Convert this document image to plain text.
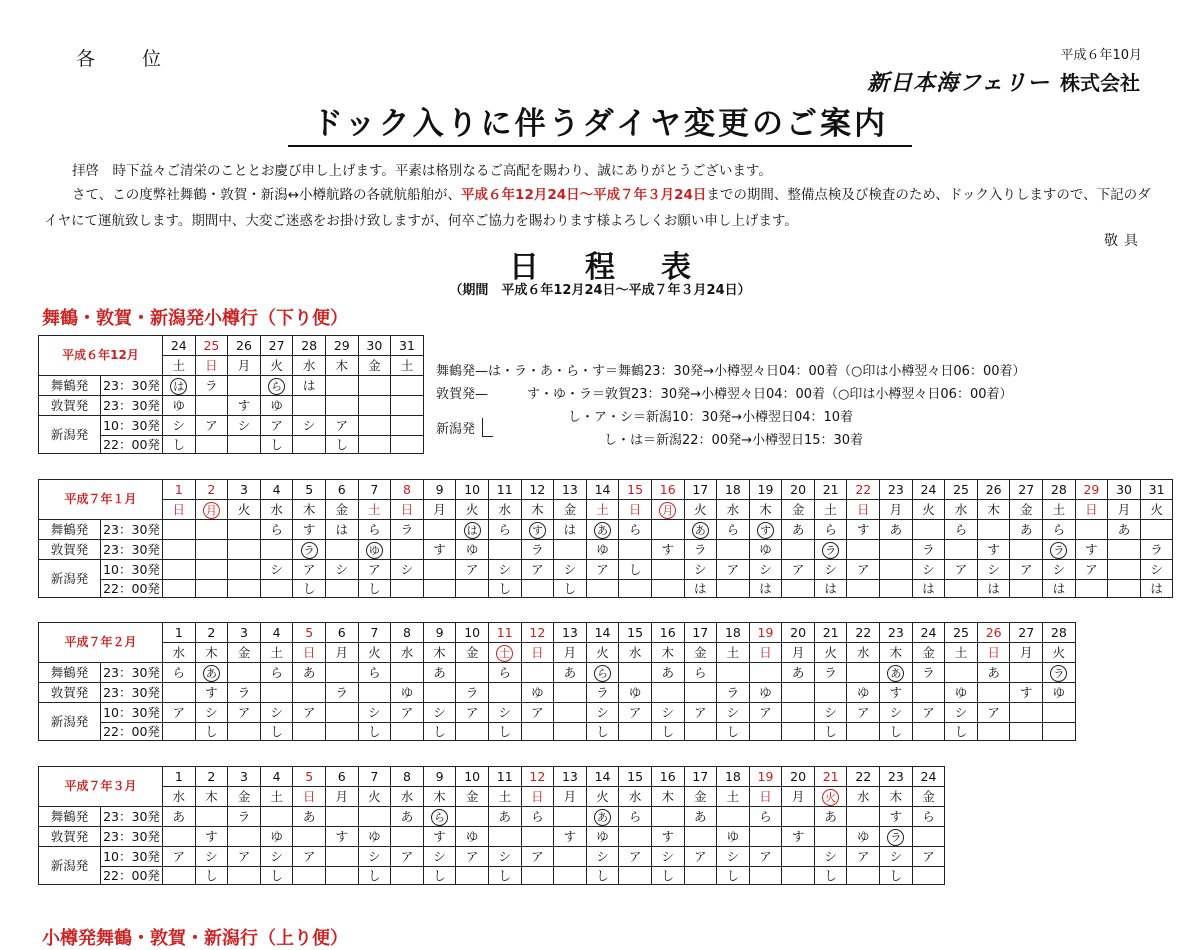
各　位	平成６年10月
新日本海フェリー 株式会社
ドック入りに伴うダイヤ変更のご案内
拝啓　時下益々ご清栄のこととお慶び申し上げます。平素は格別なるご高配を賜わり、誠にありがとうございます。
さて、この度弊社舞鶴・敦賀・新潟↔小樽航路の各就航船舶が、平成６年12月24日〜平成７年３月24日までの期間、整備点検及び検査のため、ドック入りしますので、下記のダイヤにて運航致します。期間中、大変ご迷惑をお掛け致しますが、何卒ご協力を賜わります様よろしくお願い申し上げます。
敬具
日程表
（期間　平成６年12月24日〜平成７年３月24日）
舞鶴・敦賀・新潟発小樽行（下り便）
舞鶴発—は・ラ・あ・ら・す＝舞鶴23：30発→小樽翌々日04：00着（○印は小樽翌々日06：00着）
敦賀発—　　　す・ゆ・ラ＝敦賀23：30発→小樽翌々日04：00着（○印は小樽翌々日06：00着）
新潟発
し・ア・シ＝新潟10：30発→小樽翌日04：10着
し・は＝新潟22：00発→小樽翌日15：30着
平成６年12月		24	25	26	27	28	29	30	31
		土	日	月	火	水	木	金	土
舞鶴発	23：30発	は	ラ		ら	は			
敦賀発	23：30発	ゆ		す	ゆ				
新潟発	10：30発	シ	ア	シ	ア	シ	ア		
	22：00発	し			し		し		
平成７年１月		1	2	3	4	5	6	7	8	9	10	11	12	13	14	15	16	17	18	19	20	21	22	23	24	25	26	27	28	29	30	31
		日	月	火	水	木	金	土	日	月	火	水	木	金	土	日	月	火	水	木	金	土	日	月	火	水	木	金	土	日	月	火
舞鶴発	23：30発				ら	す	は	ら	ラ		は	ら	す	は	あ	ら		あ	ら	す	あ	ら	す	あ		ら		あ	ら		あ	
敦賀発	23：30発					ラ		ゆ		す	ゆ		ラ		ゆ		す	ラ		ゆ		ラ			ラ		す		ラ	す		ラ
新潟発	10：30発				シ	ア	シ	ア	シ		ア	シ	ア	シ	ア	し		シ	ア	シ	ア	シ	ア		シ	ア	シ	ア	シ	ア		シ
	22：00発					し		し				し		し				は		は		は			は		は		は			は
平成７年２月		1	2	3	4	5	6	7	8	9	10	11	12	13	14	15	16	17	18	19	20	21	22	23	24	25	26	27	28
		水	木	金	土	日	月	火	水	木	金	土	日	月	火	水	木	金	土	日	月	火	水	木	金	土	日	月	火
舞鶴発	23：30発	ら	あ		ら	あ		ら		あ		ら		あ	ら		あ	ら			あ	ラ		あ	ラ		あ		ラ
敦賀発	23：30発		す	ラ			ラ		ゆ		ラ		ゆ		ラ	ゆ			ラ	ゆ			ゆ	す		ゆ		す	ゆ
新潟発	10：30発	ア	シ	ア	シ	ア		シ	ア	シ	ア	シ	ア		シ	ア	シ	ア	シ	ア		シ	ア	シ	ア	シ	ア		
	22：00発		し		し			し		し		し			し		し		し			し		し		し			
平成７年３月		1	2	3	4	5	6	7	8	9	10	11	12	13	14	15	16	17	18	19	20	21	22	23	24
		水	木	金	土	日	月	火	水	木	金	土	日	月	火	水	木	金	土	日	月	火	水	木	金
舞鶴発	23：30発	あ		ラ		あ			あ	ら		あ	ら		あ	ら		あ		ら		あ		す	ら
敦賀発	23：30発		す		ゆ		す	ゆ		す	ゆ			す	ゆ		す		ゆ		す		ゆ	ラ	
新潟発	10：30発	ア	シ	ア	シ	ア		シ	ア	シ	ア	シ	ア		シ	ア	シ	ア	シ	ア		シ	ア	シ	ア
	22：00発		し		し			し		し		し			し		し		し			し		し	
小樽発舞鶴・敦賀・新潟行（上り便）
